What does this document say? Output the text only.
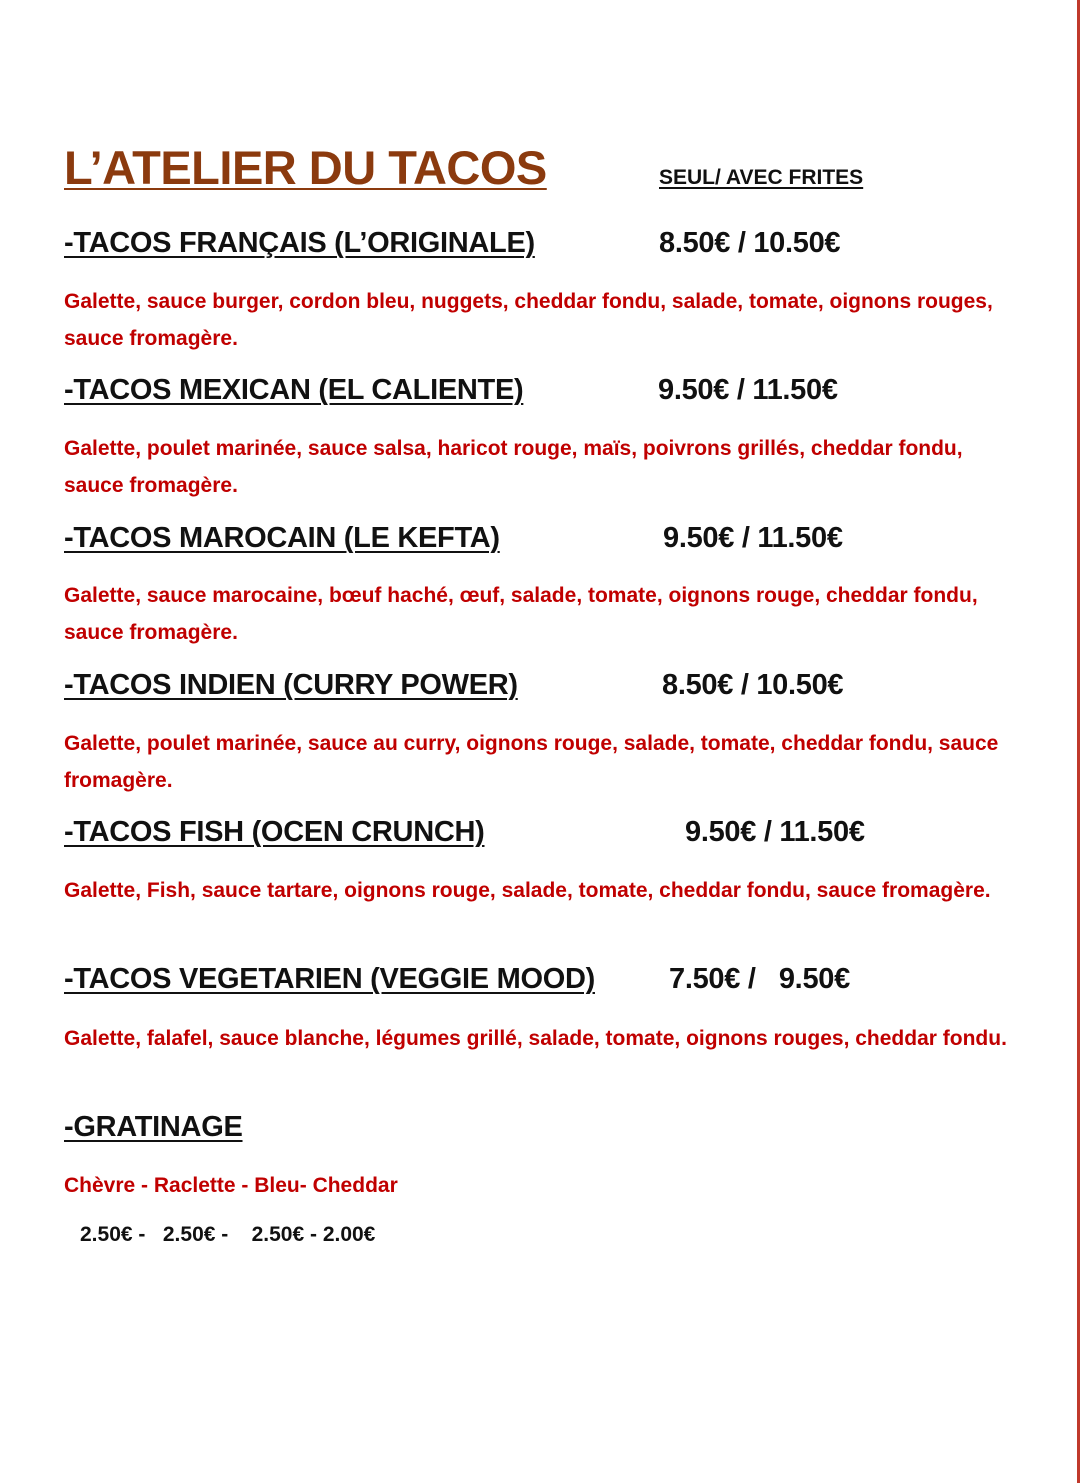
L’ATELIER DU TACOS	SEUL/ AVEC FRITES
-TACOS FRANÇAIS (L’ORIGINALE)	8.50€ / 10.50€
Galette, sauce burger, cordon bleu, nuggets, cheddar fondu, salade, tomate, oignons rouges, sauce fromagère.
-TACOS MEXICAN (EL CALIENTE)	9.50€ / 11.50€
Galette, poulet marinée, sauce salsa, haricot rouge, maïs, poivrons grillés, cheddar fondu, sauce fromagère.
-TACOS MAROCAIN (LE KEFTA)	9.50€ / 11.50€
Galette, sauce marocaine, bœuf haché, œuf, salade, tomate, oignons rouge, cheddar fondu, sauce fromagère.
-TACOS INDIEN (CURRY POWER)	8.50€ / 10.50€
Galette, poulet marinée, sauce au curry, oignons rouge, salade, tomate, cheddar fondu, sauce fromagère.
-TACOS FISH (OCEN CRUNCH)	9.50€ / 11.50€
Galette, Fish, sauce tartare, oignons rouge, salade, tomate, cheddar fondu, sauce fromagère.
-TACOS VEGETARIEN (VEGGIE MOOD)	7.50€ /   9.50€
Galette, falafel, sauce blanche, légumes grillé, salade, tomate, oignons rouges, cheddar fondu.
-GRATINAGE
Chèvre - Raclette - Bleu- Cheddar
2.50€ -   2.50€ -    2.50€ - 2.00€
